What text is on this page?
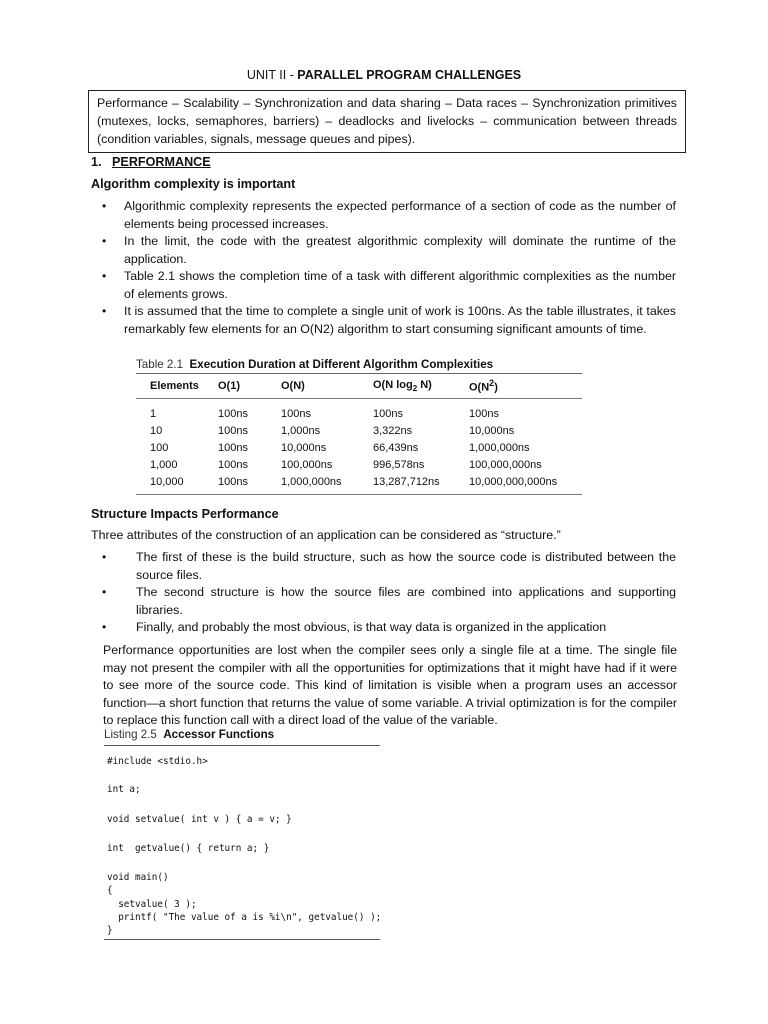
UNIT II - PARALLEL PROGRAM CHALLENGES
Performance – Scalability – Synchronization and data sharing – Data races – Synchronization primitives (mutexes, locks, semaphores, barriers) – deadlocks and livelocks – communication between threads (condition variables, signals, message queues and pipes).
1. PERFORMANCE
Algorithm complexity is important
• Algorithmic complexity represents the expected performance of a section of code as the number of elements being processed increases.
• In the limit, the code with the greatest algorithmic complexity will dominate the runtime of the application.
• Table 2.1 shows the completion time of a task with different algorithmic complexities as the number of elements grows.
• It is assumed that the time to complete a single unit of work is 100ns. As the table illustrates, it takes remarkably few elements for an O(N2) algorithm to start consuming significant amounts of time.
Table 2.1 Execution Duration at Different Algorithm Complexities
Elements	O(1)	O(N)	O(N $\log_2 N$)	$O(N^2)$
1	100ns	100ns	100ns	100ns
10	100ns	1,000ns	3,322ns	10,000ns
100	100ns	10,000ns	66,439ns	1,000,000ns
1,000	100ns	100,000ns	996,578ns	100,000,000ns
10,000	100ns	1,000,000ns	13,287,712ns	10,000,000,000ns
Structure Impacts Performance
Three attributes of the construction of an application can be considered as “structure.”
• The first of these is the build structure, such as how the source code is distributed between the source files.
• The second structure is how the source files are combined into applications and supporting libraries.
• Finally, and probably the most obvious, is that way data is organized in the application
Performance opportunities are lost when the compiler sees only a single file at a time. The single file may not present the compiler with all the opportunities for optimizations that it might have had if it were to see more of the source code. This kind of limitation is visible when a program uses an accessor function—a short function that returns the value of some variable. A trivial optimization is for the compiler to replace this function call with a direct load of the value of the variable.
Listing 2.5 Accessor Functions
#include <stdio.h>
int a;
void setvalue( int v ) { a = v; }
int  getvalue() { return a; }
void main()
{
setvalue( 3 );
printf( "The value of a is %i\n", getvalue() );
}
